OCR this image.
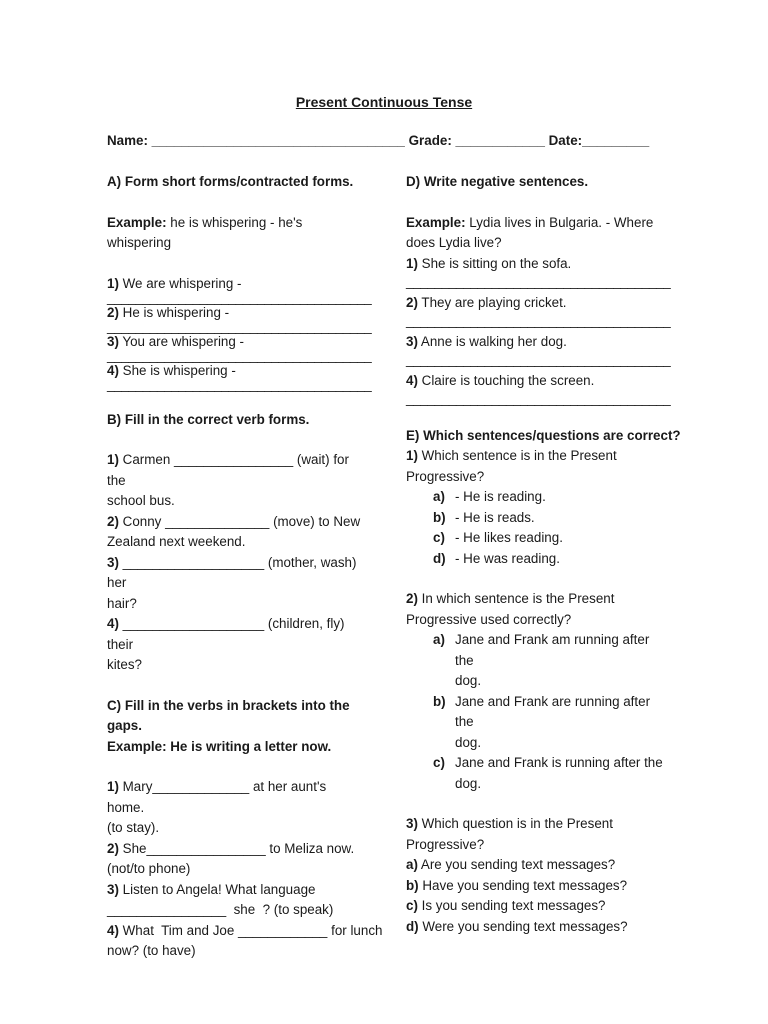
Present Continuous Tense
Name: __________________________________ Grade: ____________ Date:_________
A) Form short forms/contracted forms.
Example: he is whispering - he's whispering
1) We are whispering -
_____________________________________
2) He is whispering -
_____________________________________
3) You are whispering -
_____________________________________
4) She is whispering -
_____________________________________
B) Fill in the correct verb forms.
1) Carmen ________________ (wait) for the
school bus.
2) Conny ______________ (move) to New
Zealand next weekend.
3) ___________________ (mother, wash) her
hair?
4) ___________________ (children, fly) their
kites?
C) Fill in the verbs in brackets into the
gaps.
Example: He is writing a letter now.
1) Mary_____________ at her aunt's home.
(to stay).
2) She________________ to Meliza now.
(not/to phone)
3) Listen to Angela! What language
________________  she  ? (to speak)
4) What  Tim and Joe ____________ for lunch
now? (to have)
D) Write negative sentences.
Example: Lydia lives in Bulgaria. - Where
does Lydia live?
1) She is sitting on the sofa.
_____________________________________
2) They are playing cricket.
_____________________________________
3) Anne is walking her dog.
_____________________________________
4) Claire is touching the screen.
_____________________________________
E) Which sentences/questions are correct?
1) Which sentence is in the Present
Progressive?
a) - He is reading.
b) - He is reads.
c) - He likes reading.
d) - He was reading.
2) In which sentence is the Present
Progressive used correctly?
a) Jane and Frank am running after the
dog.
b) Jane and Frank are running after the
dog.
c) Jane and Frank is running after the
dog.
3) Which question is in the Present
Progressive?
a) Are you sending text messages?
b) Have you sending text messages?
c) Is you sending text messages?
d) Were you sending text messages?
